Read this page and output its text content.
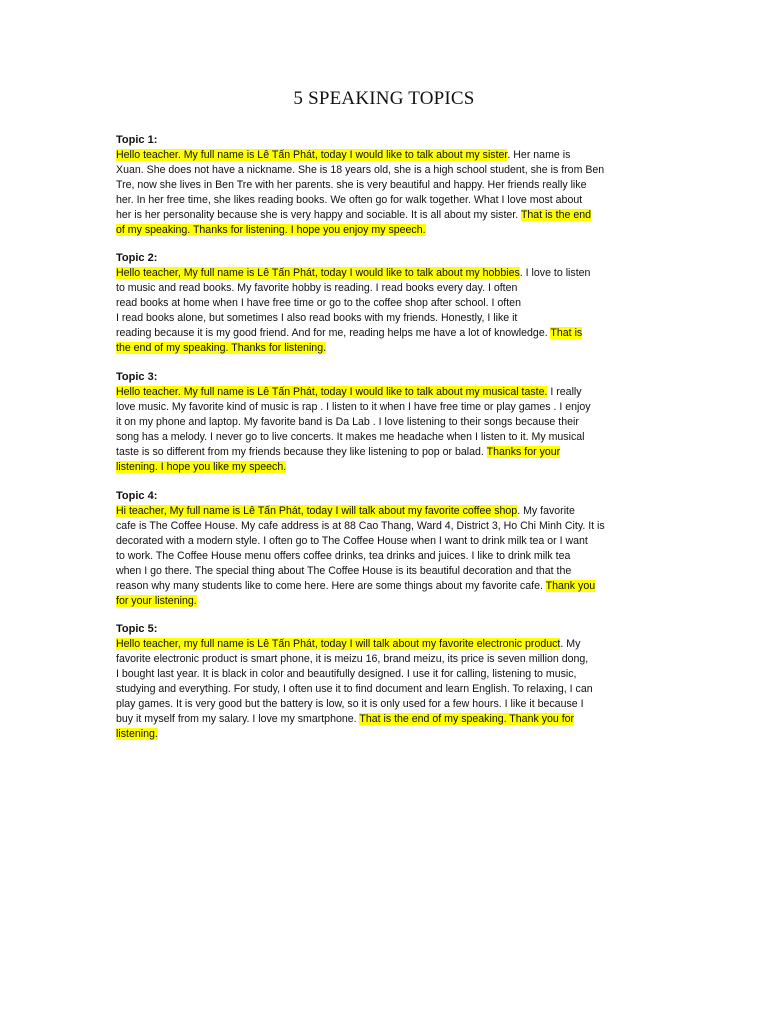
5 SPEAKING TOPICS
Topic 1:
Hello teacher. My full name is Lê Tấn Phát, today I would like to talk about my sister. Her name is
Xuan. She does not have a nickname. She is 18 years old, she is a high school student, she is from Ben
Tre, now she lives in Ben Tre with her parents. she is very beautiful and happy. Her friends really like
her. In her free time, she likes reading books. We often go for walk together. What I love most about
her is her personality because she is very happy and sociable. It is all about my sister. That is the end
of my speaking. Thanks for listening. I hope you enjoy my speech.
Topic 2:
Hello teacher, My full name is Lê Tấn Phát, today I would like to talk about my hobbies. I love to listen
to music and read books. My favorite hobby is reading. I read books every day. I often
read books at home when I have free time or go to the coffee shop after school. I often
I read books alone, but sometimes I also read books with my friends. Honestly, I like it
reading because it is my good friend. And for me, reading helps me have a lot of knowledge. That is
the end of my speaking. Thanks for listening.
Topic 3:
Hello teacher. My full name is Lê Tấn Phát, today I would like to talk about my musical taste. I really
love music. My favorite kind of music is rap . I listen to it when I have free time or play games . I enjoy
it on my phone and laptop. My favorite band is Da Lab . I love listening to their songs because their
song has a melody. I never go to live concerts. It makes me headache when I listen to it. My musical
taste is so different from my friends because they like listening to pop or balad. Thanks for your
listening. I hope you like my speech.
Topic 4:
Hi teacher, My full name is Lê Tấn Phát, today I will talk about my favorite coffee shop. My favorite
cafe is The Coffee House. My cafe address is at 88 Cao Thang, Ward 4, District 3, Ho Chi Minh City. It is
decorated with a modern style. I often go to The Coffee House when I want to drink milk tea or I want
to work. The Coffee House menu offers coffee drinks, tea drinks and juices. I like to drink milk tea
when I go there. The special thing about The Coffee House is its beautiful decoration and that the
reason why many students like to come here. Here are some things about my favorite cafe. Thank you
for your listening.
Topic 5:
Hello teacher, my full name is Lê Tấn Phát, today I will talk about my favorite electronic product. My
favorite electronic product is smart phone, it is meizu 16, brand meizu, its price is seven million dong,
I bought last year. It is black in color and beautifully designed. I use it for calling, listening to music,
studying and everything. For study, I often use it to find document and learn English. To relaxing, I can
play games. It is very good but the battery is low, so it is only used for a few hours. I like it because I
buy it myself from my salary. I love my smartphone. That is the end of my speaking. Thank you for
listening.
